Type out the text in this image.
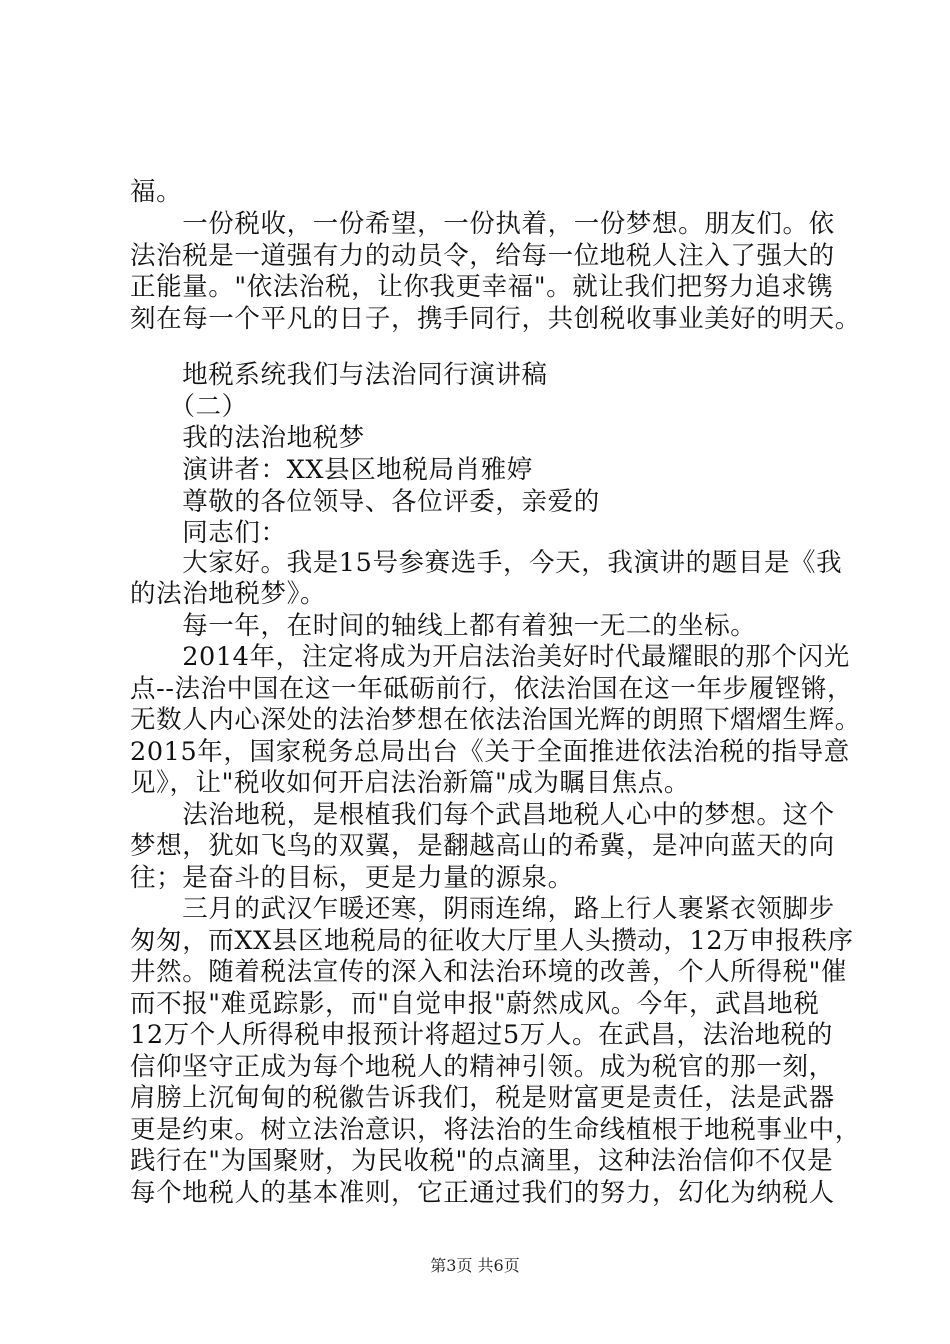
福。
　　一份税收，一份希望，一份执着，一份梦想。朋友们。依
法治税是一道强有力的动员令，给每一位地税人注入了强大的
正能量。"依法治税，让你我更幸福"。就让我们把努力追求镌
刻在每一个平凡的日子，携手同行，共创税收事业美好的明天。
　　地税系统我们与法治同行演讲稿
　　（二）
　　我的法治地税梦
　　演讲者：XX县区地税局肖雅婷
　　尊敬的各位领导、各位评委，亲爱的
　　同志们：
　　大家好。我是15号参赛选手，今天，我演讲的题目是《我
的法治地税梦》。
　　每一年，在时间的轴线上都有着独一无二的坐标。
　　2014年，注定将成为开启法治美好时代最耀眼的那个闪光
点--法治中国在这一年砥砺前行，依法治国在这一年步履铿锵，
无数人内心深处的法治梦想在依法治国光辉的朗照下熠熠生辉。
2015年，国家税务总局出台《关于全面推进依法治税的指导意
见》，让"税收如何开启法治新篇"成为瞩目焦点。
　　法治地税，是根植我们每个武昌地税人心中的梦想。这个
梦想，犹如飞鸟的双翼，是翻越高山的希冀，是冲向蓝天的向
往；是奋斗的目标，更是力量的源泉。
　　三月的武汉乍暖还寒，阴雨连绵，路上行人裹紧衣领脚步
匆匆，而XX县区地税局的征收大厅里人头攒动，12万申报秩序
井然。随着税法宣传的深入和法治环境的改善，个人所得税"催
而不报"难觅踪影，而"自觉申报"蔚然成风。今年，武昌地税
12万个人所得税申报预计将超过5万人。在武昌，法治地税的
信仰坚守正成为每个地税人的精神引领。成为税官的那一刻，
肩膀上沉甸甸的税徽告诉我们，税是财富更是责任，法是武器
更是约束。树立法治意识，将法治的生命线植根于地税事业中，
践行在"为国聚财，为民收税"的点滴里，这种法治信仰不仅是
每个地税人的基本准则，它正通过我们的努力，幻化为纳税人
第3页 共6页
